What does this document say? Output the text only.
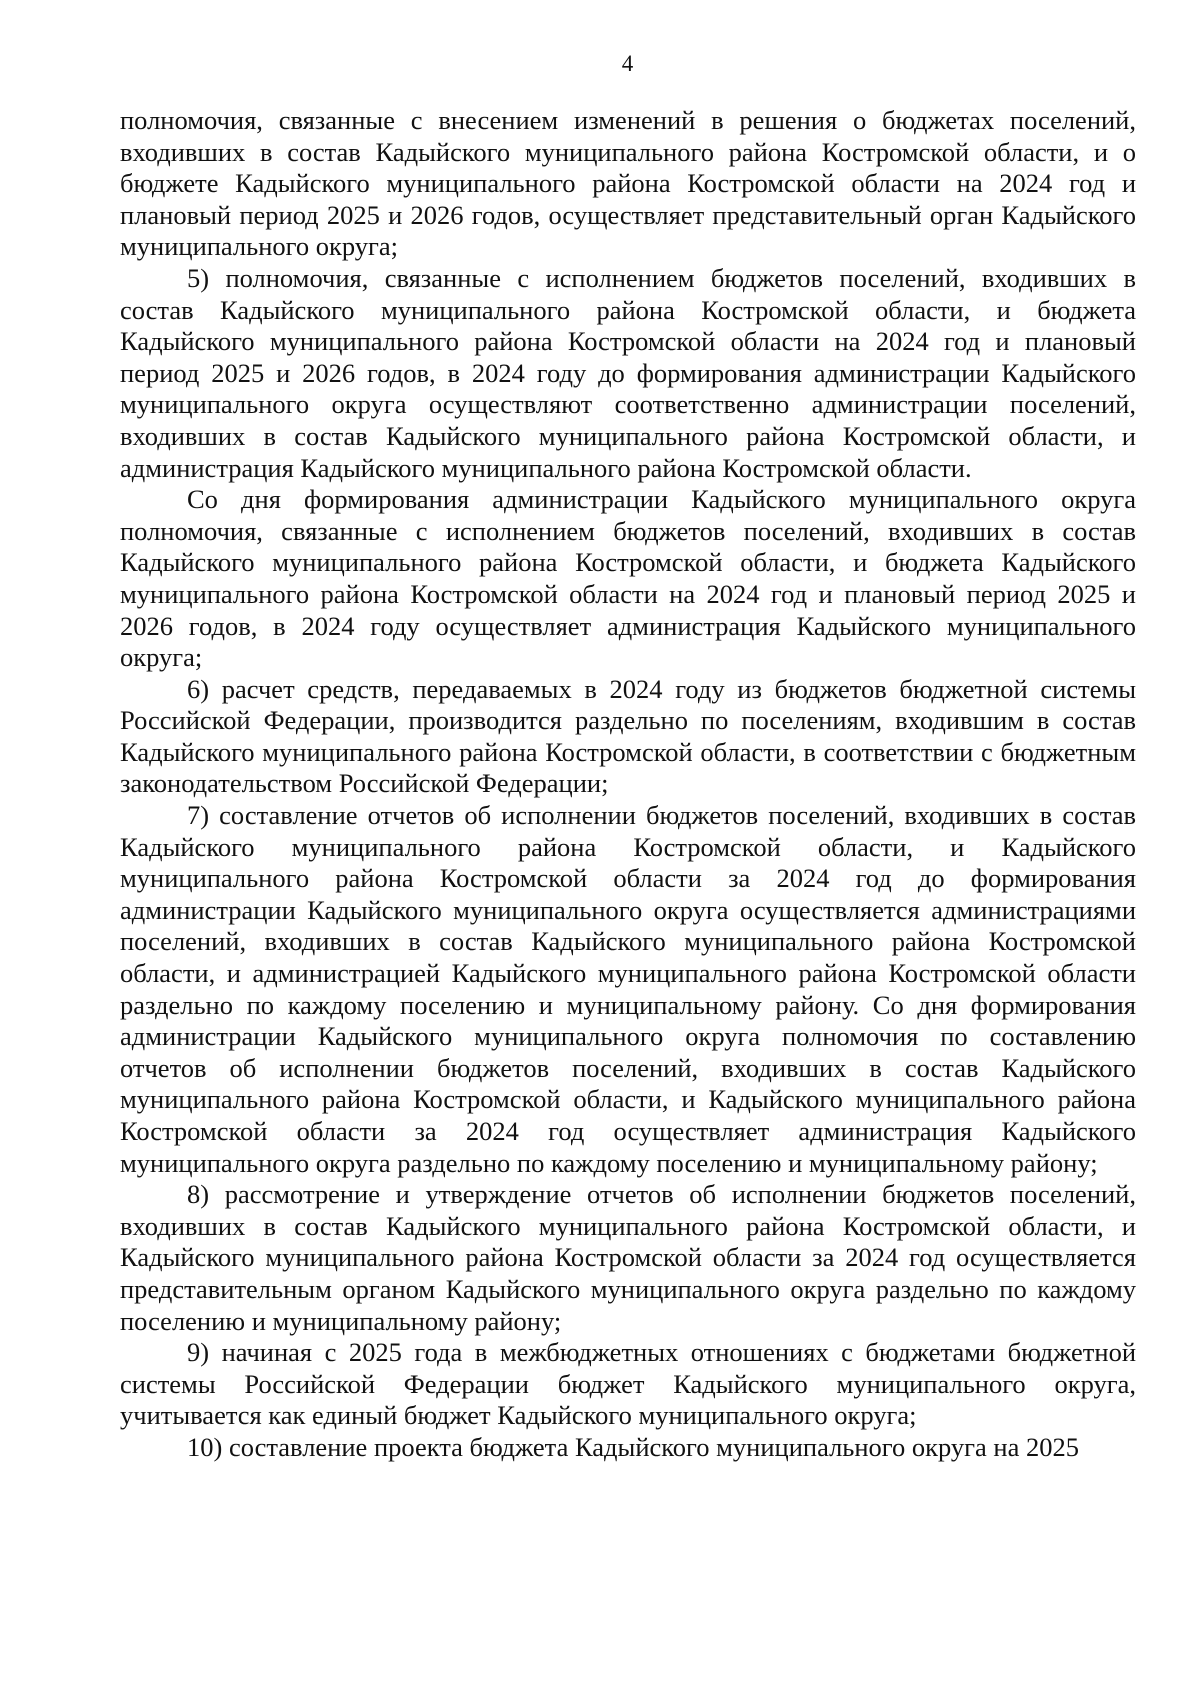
4

полномочия, связанные с внесением изменений в решения о бюджетах поселений, входивших в состав Кадыйского муниципального района Костромской области, и о бюджете Кадыйского муниципального района Костромской области на 2024 год и плановый период 2025 и 2026 годов, осуществляет представительный орган Кадыйского муниципального округа;

5) полномочия, связанные с исполнением бюджетов поселений, входивших в состав Кадыйского муниципального района Костромской области, и бюджета Кадыйского муниципального района Костромской области на 2024 год и плановый период 2025 и 2026 годов, в 2024 году до формирования администрации Кадыйского муниципального округа осуществляют соответственно администрации поселений, входивших в состав Кадыйского муниципального района Костромской области, и администрация Кадыйского муниципального района Костромской области.

Со дня формирования администрации Кадыйского муниципального округа полномочия, связанные с исполнением бюджетов поселений, входивших в состав Кадыйского муниципального района Костромской области, и бюджета Кадыйского муниципального района Костромской области на 2024 год и плановый период 2025 и 2026 годов, в 2024 году осуществляет администрация Кадыйского муниципального округа;

6) расчет средств, передаваемых в 2024 году из бюджетов бюджетной системы Российской Федерации, производится раздельно по поселениям, входившим в состав Кадыйского муниципального района Костромской области, в соответствии с бюджетным законодательством Российской Федерации;

7) составление отчетов об исполнении бюджетов поселений, входивших в состав Кадыйского муниципального района Костромской области, и Кадыйского муниципального района Костромской области за 2024 год до формирования администрации Кадыйского муниципального округа осуществляется администрациями поселений, входивших в состав Кадыйского муниципального района Костромской области, и администрацией Кадыйского муниципального района Костромской области раздельно по каждому поселению и муниципальному району. Со дня формирования администрации Кадыйского муниципального округа полномочия по составлению отчетов об исполнении бюджетов поселений, входивших в состав Кадыйского муниципального района Костромской области, и Кадыйского муниципального района Костромской области за 2024 год осуществляет администрация Кадыйского муниципального округа раздельно по каждому поселению и муниципальному району;

8) рассмотрение и утверждение отчетов об исполнении бюджетов поселений, входивших в состав Кадыйского муниципального района Костромской области, и Кадыйского муниципального района Костромской области за 2024 год осуществляется представительным органом Кадыйского муниципального округа раздельно по каждому поселению и муниципальному району;

9) начиная с 2025 года в межбюджетных отношениях с бюджетами бюджетной системы Российской Федерации бюджет Кадыйского муниципального округа, учитывается как единый бюджет Кадыйского муниципального округа;

10) составление проекта бюджета Кадыйского муниципального округа на 2025
